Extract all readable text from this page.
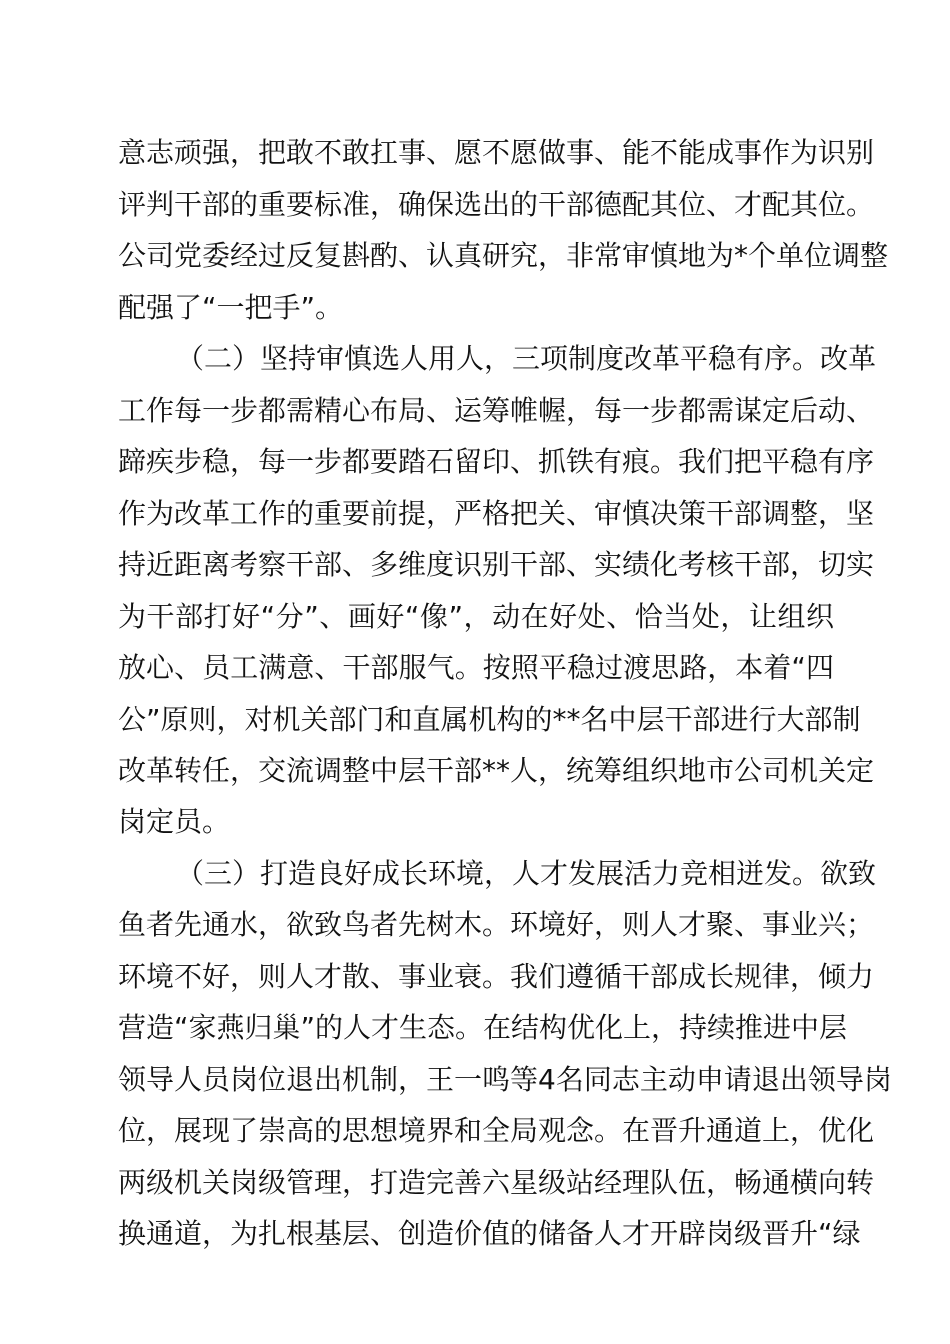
意志顽强，把敢不敢扛事、愿不愿做事、能不能成事作为识别
评判干部的重要标准，确保选出的干部德配其位、才配其位。
公司党委经过反复斟酌、认真研究，非常审慎地为*个单位调整
配强了“一把手”。
（二）坚持审慎选人用人，三项制度改革平稳有序。改革
工作每一步都需精心布局、运筹帷幄，每一步都需谋定后动、
蹄疾步稳，每一步都要踏石留印、抓铁有痕。我们把平稳有序
作为改革工作的重要前提，严格把关、审慎决策干部调整，坚
持近距离考察干部、多维度识别干部、实绩化考核干部，切实
为干部打好“分”、画好“像”，动在好处、恰当处，让组织
放心、员工满意、干部服气。按照平稳过渡思路，本着“四
公”原则，对机关部门和直属机构的**名中层干部进行大部制
改革转任，交流调整中层干部**人，统筹组织地市公司机关定
岗定员。
（三）打造良好成长环境，人才发展活力竞相迸发。欲致
鱼者先通水，欲致鸟者先树木。环境好，则人才聚、事业兴；
环境不好，则人才散、事业衰。我们遵循干部成长规律，倾力
营造“家燕归巢”的人才生态。在结构优化上，持续推进中层
领导人员岗位退出机制，王一鸣等4名同志主动申请退出领导岗
位，展现了崇高的思想境界和全局观念。在晋升通道上，优化
两级机关岗级管理，打造完善六星级站经理队伍，畅通横向转
换通道，为扎根基层、创造价值的储备人才开辟岗级晋升“绿
